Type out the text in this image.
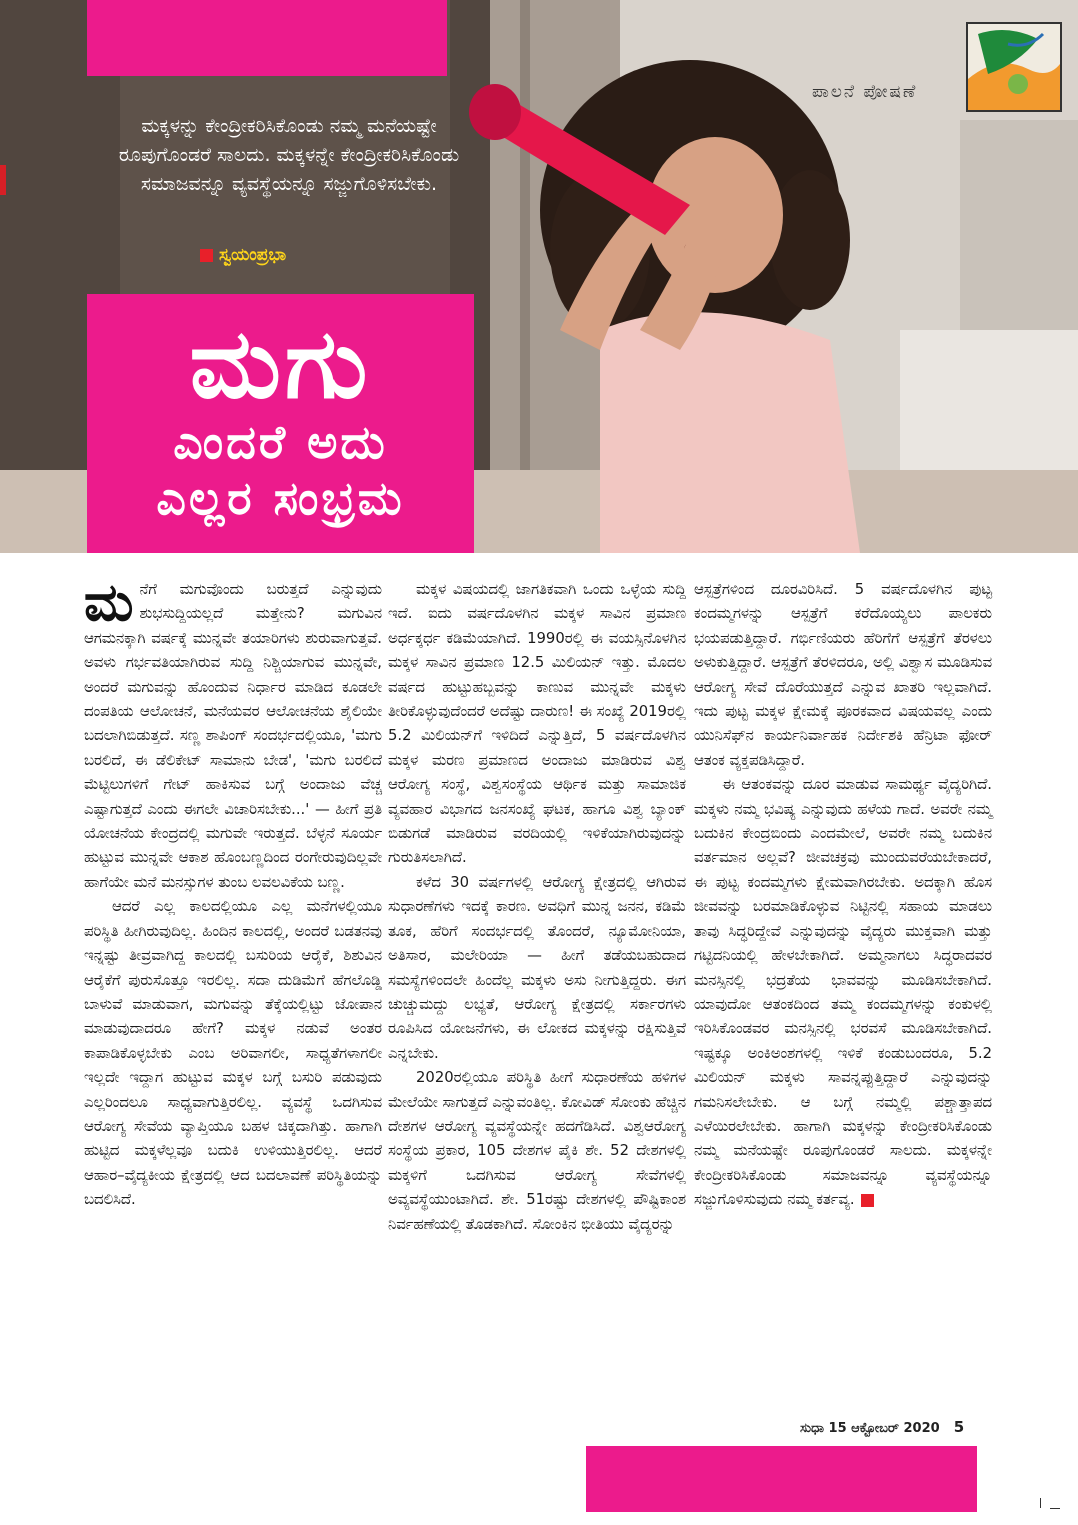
ಮಕ್ಕಳನ್ನು ಕೇಂದ್ರೀಕರಿಸಿಕೊಂಡು ನಮ್ಮ ಮನೆಯಷ್ಟೇ ರೂಪುಗೊಂಡರೆ ಸಾಲದು. ಮಕ್ಕಳನ್ನೇ ಕೇಂದ್ರೀಕರಿಸಿಕೊಂಡು ಸಮಾಜವನ್ನೂ ವ್ಯವಸ್ಥೆಯನ್ನೂ ಸಜ್ಜುಗೊಳಿಸಬೇಕು.
ಸ್ವಯಂಪ್ರಭಾ
ಮಗು
ಎಂದರೆ ಅದು
ಎಲ್ಲರ ಸಂಭ್ರಮ
ಪಾಲನೆ ಪೋಷಣೆ

ಮನೆಗೆ ಮಗುವೊಂದು ಬರುತ್ತದೆ ಎನ್ನುವುದು ಶುಭಸುದ್ದಿಯಲ್ಲದೆ ಮತ್ತೇನು? ಮಗುವಿನ ಆಗಮನಕ್ಕಾಗಿ ವರ್ಷಕ್ಕೆ ಮುನ್ನವೇ ತಯಾರಿಗಳು ಶುರುವಾಗುತ್ತವೆ. ಅವಳು ಗರ್ಭವತಿಯಾಗಿರುವ ಸುದ್ದಿ ನಿಶ್ಚಿಯಾಗುವ ಮುನ್ನವೇ, ಅಂದರೆ ಮಗುವನ್ನು ಹೊಂದುವ ನಿರ್ಧಾರ ಮಾಡಿದ ಕೂಡಲೇ ದಂಪತಿಯ ಆಲೋಚನೆ, ಮನೆಯವರ ಆಲೋಚನೆಯ ಶೈಲಿಯೇ ಬದಲಾಗಿಬಿಡುತ್ತದೆ. ಸಣ್ಣ ಶಾಪಿಂಗ್ ಸಂದರ್ಭದಲ್ಲಿಯೂ, 'ಮಗು ಬರಲಿದೆ, ಈ ಡೆಲಿಕೇಟ್ ಸಾಮಾನು ಬೇಡ', 'ಮಗು ಬರಲಿದೆ ಮೆಟ್ಟಿಲುಗಳಿಗೆ ಗೇಟ್ ಹಾಕಿಸುವ ಬಗ್ಗೆ ಅಂದಾಜು ವೆಚ್ಚ ಎಷ್ಟಾಗುತ್ತದೆ ಎಂದು ಈಗಲೇ ವಿಚಾರಿಸಬೇಕು...' — ಹೀಗೆ ಪ್ರತಿ ಯೋಚನೆಯ ಕೇಂದ್ರದಲ್ಲಿ ಮಗುವೇ ಇರುತ್ತದೆ. ಬೆಳ್ಳನೆ ಸೂರ್ಯ ಹುಟ್ಟುವ ಮುನ್ನವೇ ಆಕಾಶ ಹೊಂಬಣ್ಣದಿಂದ ರಂಗೇರುವುದಿಲ್ಲವೇ ಹಾಗೆಯೇ ಮನೆ ಮನಸ್ಸುಗಳ ತುಂಬ ಲವಲವಿಕೆಯ ಬಣ್ಣ.

ಆದರೆ ಎಲ್ಲ ಕಾಲದಲ್ಲಿಯೂ ಎಲ್ಲ ಮನೆಗಳಲ್ಲಿಯೂ ಪರಿಸ್ಥಿತಿ ಹೀಗಿರುವುದಿಲ್ಲ. ಹಿಂದಿನ ಕಾಲದಲ್ಲಿ, ಅಂದರೆ ಬಡತನವು ಇನ್ನಷ್ಟು ತೀವ್ರವಾಗಿದ್ದ ಕಾಲದಲ್ಲಿ ಬಸುರಿಯ ಆರೈಕೆ, ಶಿಶುವಿನ ಆರೈಕೆಗೆ ಪುರುಸೊತ್ತೂ ಇರಲಿಲ್ಲ. ಸದಾ ದುಡಿಮೆಗೆ ಹೆಗಲೊಡ್ಡಿ ಬಾಳುವೆ ಮಾಡುವಾಗ, ಮಗುವನ್ನು ತೆಕ್ಕೆಯಲ್ಲಿಟ್ಟು ಜೋಪಾನ ಮಾಡುವುದಾದರೂ ಹೇಗೆ? ಮಕ್ಕಳ ನಡುವೆ ಅಂತರ ಕಾಪಾಡಿಕೊಳ್ಳಬೇಕು ಎಂಬ ಅರಿವಾಗಲೀ, ಸಾಧ್ಯತೆಗಳಾಗಲೀ ಇಲ್ಲದೇ ಇದ್ದಾಗ ಹುಟ್ಟುವ ಮಕ್ಕಳ ಬಗ್ಗೆ ಬಸುರಿ ಪಡುವುದು ಎಲ್ಲರಿಂದಲೂ ಸಾಧ್ಯವಾಗುತ್ತಿರಲಿಲ್ಲ. ವ್ಯವಸ್ಥೆ ಒದಗಿಸುವ ಆರೋಗ್ಯ ಸೇವೆಯ ವ್ಯಾಪ್ತಿಯೂ ಬಹಳ ಚಿಕ್ಕದಾಗಿತ್ತು. ಹಾಗಾಗಿ ಹುಟ್ಟಿದ ಮಕ್ಕಳೆಲ್ಲವೂ ಬದುಕಿ ಉಳಿಯುತ್ತಿರಲಿಲ್ಲ. ಆದರೆ ಆಹಾರ–ವೈದ್ಯಕೀಯ ಕ್ಷೇತ್ರದಲ್ಲಿ ಆದ ಬದಲಾವಣೆ ಪರಿಸ್ಥಿತಿಯನ್ನು ಬದಲಿಸಿದೆ.

ಮಕ್ಕಳ ವಿಷಯದಲ್ಲಿ ಜಾಗತಿಕವಾಗಿ ಒಂದು ಒಳ್ಳೆಯ ಸುದ್ದಿ ಇದೆ. ಐದು ವರ್ಷದೊಳಗಿನ ಮಕ್ಕಳ ಸಾವಿನ ಪ್ರಮಾಣ ಅರ್ಧಕ್ಕರ್ಧ ಕಡಿಮೆಯಾಗಿದೆ. 1990ರಲ್ಲಿ ಈ ವಯಸ್ಸಿನೊಳಗಿನ ಮಕ್ಕಳ ಸಾವಿನ ಪ್ರಮಾಣ 12.5 ಮಿಲಿಯನ್ ಇತ್ತು. ಮೊದಲ ವರ್ಷದ ಹುಟ್ಟುಹಬ್ಬವನ್ನು ಕಾಣುವ ಮುನ್ನವೇ ಮಕ್ಕಳು ತೀರಿಕೊಳ್ಳುವುದೆಂದರೆ ಅದೆಷ್ಟು ದಾರುಣ! ಈ ಸಂಖ್ಯೆ 2019ರಲ್ಲಿ 5.2 ಮಿಲಿಯನ್‌ಗೆ ಇಳಿದಿದೆ ಎನ್ನುತ್ತಿದೆ, 5 ವರ್ಷದೊಳಗಿನ ಮಕ್ಕಳ ಮರಣ ಪ್ರಮಾಣದ ಅಂದಾಜು ಮಾಡಿರುವ ವಿಶ್ವ ಆರೋಗ್ಯ ಸಂಸ್ಥೆ, ವಿಶ್ವಸಂಸ್ಥೆಯ ಆರ್ಥಿಕ ಮತ್ತು ಸಾಮಾಜಿಕ ವ್ಯವಹಾರ ವಿಭಾಗದ ಜನಸಂಖ್ಯೆ ಘಟಕ, ಹಾಗೂ ವಿಶ್ವ ಬ್ಯಾಂಕ್ ಬಿಡುಗಡೆ ಮಾಡಿರುವ ವರದಿಯಲ್ಲಿ ಇಳಿಕೆಯಾಗಿರುವುದನ್ನು ಗುರುತಿಸಲಾಗಿದೆ.

ಕಳೆದ 30 ವರ್ಷಗಳಲ್ಲಿ ಆರೋಗ್ಯ ಕ್ಷೇತ್ರದಲ್ಲಿ ಆಗಿರುವ ಸುಧಾರಣೆಗಳು ಇದಕ್ಕೆ ಕಾರಣ. ಅವಧಿಗೆ ಮುನ್ನ ಜನನ, ಕಡಿಮೆ ತೂಕ, ಹೆರಿಗೆ ಸಂದರ್ಭದಲ್ಲಿ ತೊಂದರೆ, ನ್ಯೂಮೋನಿಯಾ, ಅತಿಸಾರ, ಮಲೇರಿಯಾ — ಹೀಗೆ ತಡೆಯಬಹುದಾದ ಸಮಸ್ಯೆಗಳಿಂದಲೇ ಹಿಂದೆಲ್ಲ ಮಕ್ಕಳು ಅಸು ನೀಗುತ್ತಿದ್ದರು. ಈಗ ಚುಚ್ಚುಮದ್ದು ಲಭ್ಯತೆ, ಆರೋಗ್ಯ ಕ್ಷೇತ್ರದಲ್ಲಿ ಸರ್ಕಾರಗಳು ರೂಪಿಸಿದ ಯೋಜನೆಗಳು, ಈ ಲೋಕದ ಮಕ್ಕಳನ್ನು ರಕ್ಷಿಸುತ್ತಿವೆ ಎನ್ನಬೇಕು.

2020ರಲ್ಲಿಯೂ ಪರಿಸ್ಥಿತಿ ಹೀಗೆ ಸುಧಾರಣೆಯ ಹಳಿಗಳ ಮೇಲೆಯೇ ಸಾಗುತ್ತದೆ ಎನ್ನುವಂತಿಲ್ಲ. ಕೋವಿಡ್ ಸೋಂಕು ಹೆಚ್ಚಿನ ದೇಶಗಳ ಆರೋಗ್ಯ ವ್ಯವಸ್ಥೆಯನ್ನೇ ಹದಗೆಡಿಸಿದೆ. ವಿಶ್ವಆರೋಗ್ಯ ಸಂಸ್ಥೆಯ ಪ್ರಕಾರ, 105 ದೇಶಗಳ ಪೈಕಿ ಶೇ. 52 ದೇಶಗಳಲ್ಲಿ ಮಕ್ಕಳಿಗೆ ಒದಗಿಸುವ ಆರೋಗ್ಯ ಸೇವೆಗಳಲ್ಲಿ ಅವ್ಯವಸ್ಥೆಯುಂಟಾಗಿದೆ. ಶೇ. 51ರಷ್ಟು ದೇಶಗಳಲ್ಲಿ ಪೌಷ್ಟಿಕಾಂಶ ನಿರ್ವಹಣೆಯಲ್ಲಿ ತೊಡಕಾಗಿದೆ. ಸೋಂಕಿನ ಭೀತಿಯು ವೈದ್ಯರನ್ನು

ಆಸ್ಪತ್ರೆಗಳಿಂದ ದೂರವಿರಿಸಿದೆ. 5 ವರ್ಷದೊಳಗಿನ ಪುಟ್ಟ ಕಂದಮ್ಮಗಳನ್ನು ಆಸ್ಪತ್ರೆಗೆ ಕರೆದೊಯ್ಯಲು ಪಾಲಕರು ಭಯಪಡುತ್ತಿದ್ದಾರೆ. ಗರ್ಭಿಣಿಯರು ಹೆರಿಗೆಗೆ ಆಸ್ಪತ್ರೆಗೆ ತೆರಳಲು ಅಳುಕುತ್ತಿದ್ದಾರೆ. ಆಸ್ಪತ್ರೆಗೆ ತೆರಳಿದರೂ, ಅಲ್ಲಿ ವಿಶ್ವಾಸ ಮೂಡಿಸುವ ಆರೋಗ್ಯ ಸೇವೆ ದೊರೆಯುತ್ತದೆ ಎನ್ನುವ ಖಾತರಿ ಇಲ್ಲವಾಗಿದೆ. ಇದು ಪುಟ್ಟ ಮಕ್ಕಳ ಕ್ಷೇಮಕ್ಕೆ ಪೂರಕವಾದ ವಿಷಯವಲ್ಲ ಎಂದು ಯುನಿಸೆಫ್‌ನ ಕಾರ್ಯನಿರ್ವಾಹಕ ನಿರ್ದೇಶಕಿ ಹೆನ್ರಿಟಾ ಫೋರ್ ಆತಂಕ ವ್ಯಕ್ತಪಡಿಸಿದ್ದಾರೆ.

ಈ ಆತಂಕವನ್ನು ದೂರ ಮಾಡುವ ಸಾಮರ್ಥ್ಯ ವೈದ್ಯರಿಗಿದೆ. ಮಕ್ಕಳು ನಮ್ಮ ಭವಿಷ್ಯ ಎನ್ನುವುದು ಹಳೆಯ ಗಾದೆ. ಅವರೇ ನಮ್ಮ ಬದುಕಿನ ಕೇಂದ್ರಬಿಂದು ಎಂದಮೇಲೆ, ಅವರೇ ನಮ್ಮ ಬದುಕಿನ ವರ್ತಮಾನ ಅಲ್ಲವೆ? ಜೀವಚಕ್ರವು ಮುಂದುವರೆಯಬೇಕಾದರೆ, ಈ ಪುಟ್ಟ ಕಂದಮ್ಮಗಳು ಕ್ಷೇಮವಾಗಿರಬೇಕು. ಅದಕ್ಕಾಗಿ ಹೊಸ ಜೀವವನ್ನು ಬರಮಾಡಿಕೊಳ್ಳುವ ನಿಟ್ಟಿನಲ್ಲಿ ಸಹಾಯ ಮಾಡಲು ತಾವು ಸಿದ್ಧರಿದ್ದೇವೆ ಎನ್ನುವುದನ್ನು ವೈದ್ಯರು ಮುಕ್ತವಾಗಿ ಮತ್ತು ಗಟ್ಟಿದನಿಯಲ್ಲಿ ಹೇಳಬೇಕಾಗಿದೆ. ಅಮ್ಮನಾಗಲು ಸಿದ್ಧರಾದವರ ಮನಸ್ಸಿನಲ್ಲಿ ಭದ್ರತೆಯ ಭಾವವನ್ನು ಮೂಡಿಸಬೇಕಾಗಿದೆ. ಯಾವುದೋ ಆತಂಕದಿಂದ ತಮ್ಮ ಕಂದಮ್ಮಗಳನ್ನು ಕಂಕುಳಲ್ಲಿ ಇರಿಸಿಕೊಂಡವರ ಮನಸ್ಸಿನಲ್ಲಿ ಭರವಸೆ ಮೂಡಿಸಬೇಕಾಗಿದೆ. ಇಷ್ಟಕ್ಕೂ ಅಂಕಿಅಂಶಗಳಲ್ಲಿ ಇಳಿಕೆ ಕಂಡುಬಂದರೂ, 5.2 ಮಿಲಿಯನ್ ಮಕ್ಕಳು ಸಾವನ್ನಪ್ಪುತ್ತಿದ್ದಾರೆ ಎನ್ನುವುದನ್ನು ಗಮನಿಸಲೇಬೇಕು. ಆ ಬಗ್ಗೆ ನಮ್ಮಲ್ಲಿ ಪಶ್ಚಾತ್ತಾಪದ ಎಳೆಯಿರಲೇಬೇಕು. ಹಾಗಾಗಿ ಮಕ್ಕಳನ್ನು ಕೇಂದ್ರೀಕರಿಸಿಕೊಂಡು ನಮ್ಮ ಮನೆಯಷ್ಟೇ ರೂಪುಗೊಂಡರೆ ಸಾಲದು. ಮಕ್ಕಳನ್ನೇ ಕೇಂದ್ರೀಕರಿಸಿಕೊಂಡು ಸಮಾಜವನ್ನೂ ವ್ಯವಸ್ಥೆಯನ್ನೂ ಸಜ್ಜುಗೊಳಿಸುವುದು ನಮ್ಮ ಕರ್ತವ್ಯ.

ಸುಧಾ 15 ಆಕ್ಟೋಬರ್ 2020 5
